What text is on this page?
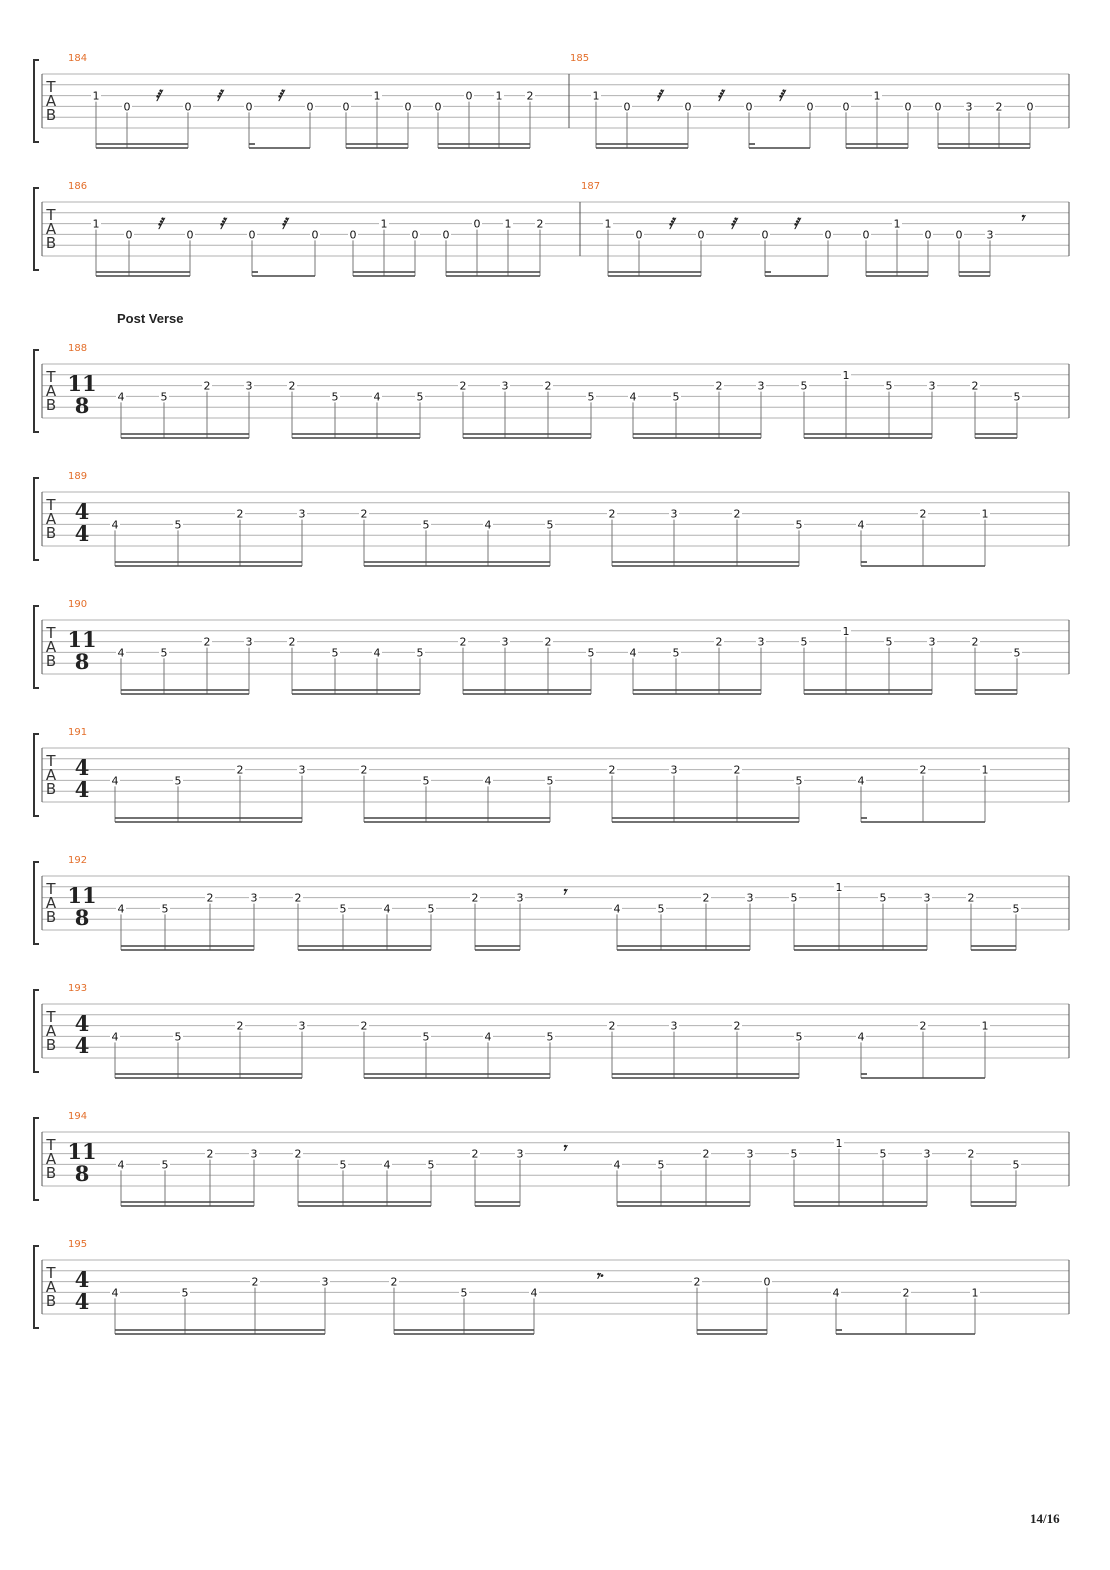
T
A
B
184
1
0	0	0	0	0
1
0 0
0 1 2
𝅀	𝅀	𝅀
185
1
0	0	0	0	0
1
0 0 3 2 0
𝅀	𝅀	𝅀
T
A
B
186
1
0	0	0	0	0
1
0 0
0 1 2
𝅀	𝅀	𝅀
187
1
0	0	0	0	0
1
0 0 3
𝅀	𝅀	𝅀	𝄾
T
A
B
188
11
8	4	5
2	3	2
5	4	5
2	3	2
5	4	5
2	3	5
1
5	3	2
5
T
A
B
189
4
4 4	5
2	3	2
5	4	5
2	3	2
5	4
2	1
T
A
B
190
11
8	4	5
2	3	2
5	4	5
2	3	2
5	4	5
2	3	5
1
5	3	2
5
T
A
B
191
4
4 4	5
2	3	2
5	4	5
2	3	2
5	4
2	1
T
A
B
192
11
8	4	5
2	3	2
5	4	5
2	3
4	5
2	3	5
1
5	3	2
5
𝄾
T
A
B
193
4
4 4	5
2	3	2
5	4	5
2	3	2
5	4
2	1
T
A
B
194
11
8	4	5
2	3	2
5	4	5
2	3
4	5
2	3	5
1
5	3	2
5
𝄾
T
A
B
195
4
4 4	5
2	3	2
5	4
2	0
4	2	1
𝄾·
Post Verse
14/16
